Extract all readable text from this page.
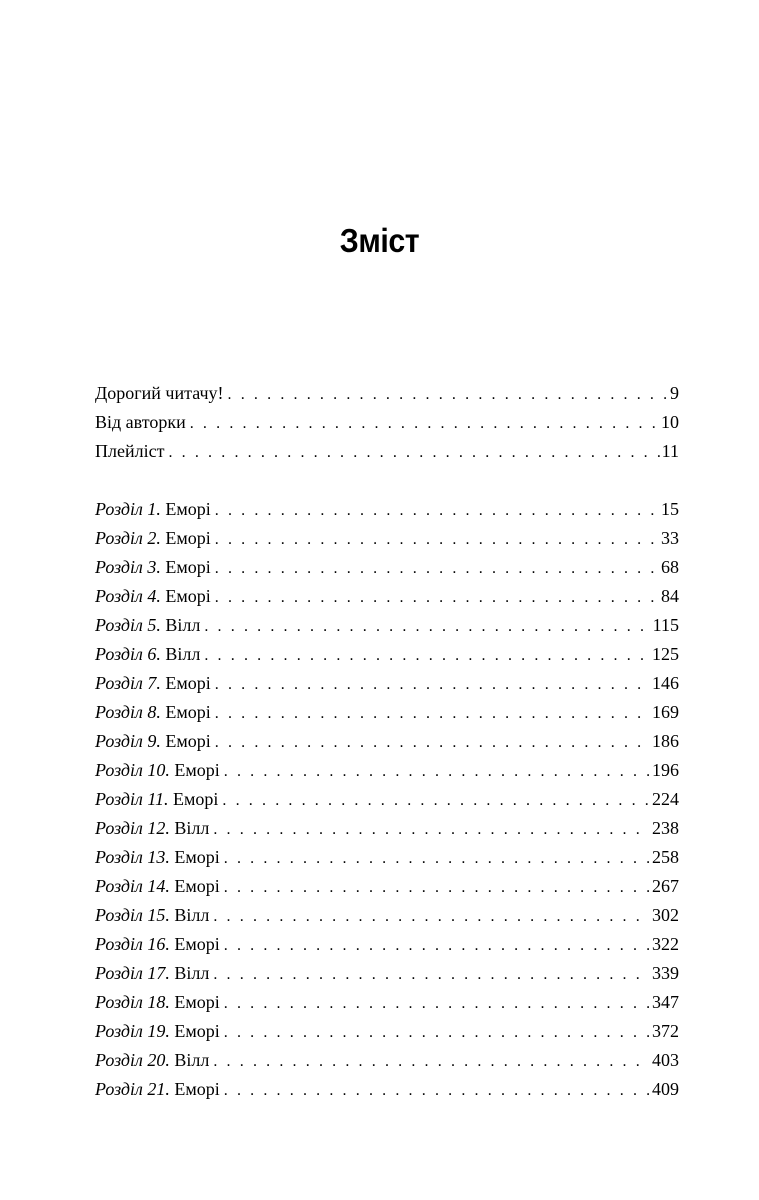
Зміст
Дорогий читачу! . . .	9
Від авторки . . .	10
Плейліст . . .	11
Розділ 1. Еморі . . .	15
Розділ 2. Еморі . . .	33
Розділ 3. Еморі . . .	68
Розділ 4. Еморі . . .	84
Розділ 5. Вілл . . .	115
Розділ 6. Вілл . . .	125
Розділ 7. Еморі . . .	146
Розділ 8. Еморі . . .	169
Розділ 9. Еморі . . .	186
Розділ 10. Еморі . . .	196
Розділ 11. Еморі . . .	224
Розділ 12. Вілл . . .	238
Розділ 13. Еморі . . .	258
Розділ 14. Еморі . . .	267
Розділ 15. Вілл . . .	302
Розділ 16. Еморі . . .	322
Розділ 17. Вілл . . .	339
Розділ 18. Еморі . . .	347
Розділ 19. Еморі . . .	372
Розділ 20. Вілл . . .	403
Розділ 21. Еморі . . .	409
